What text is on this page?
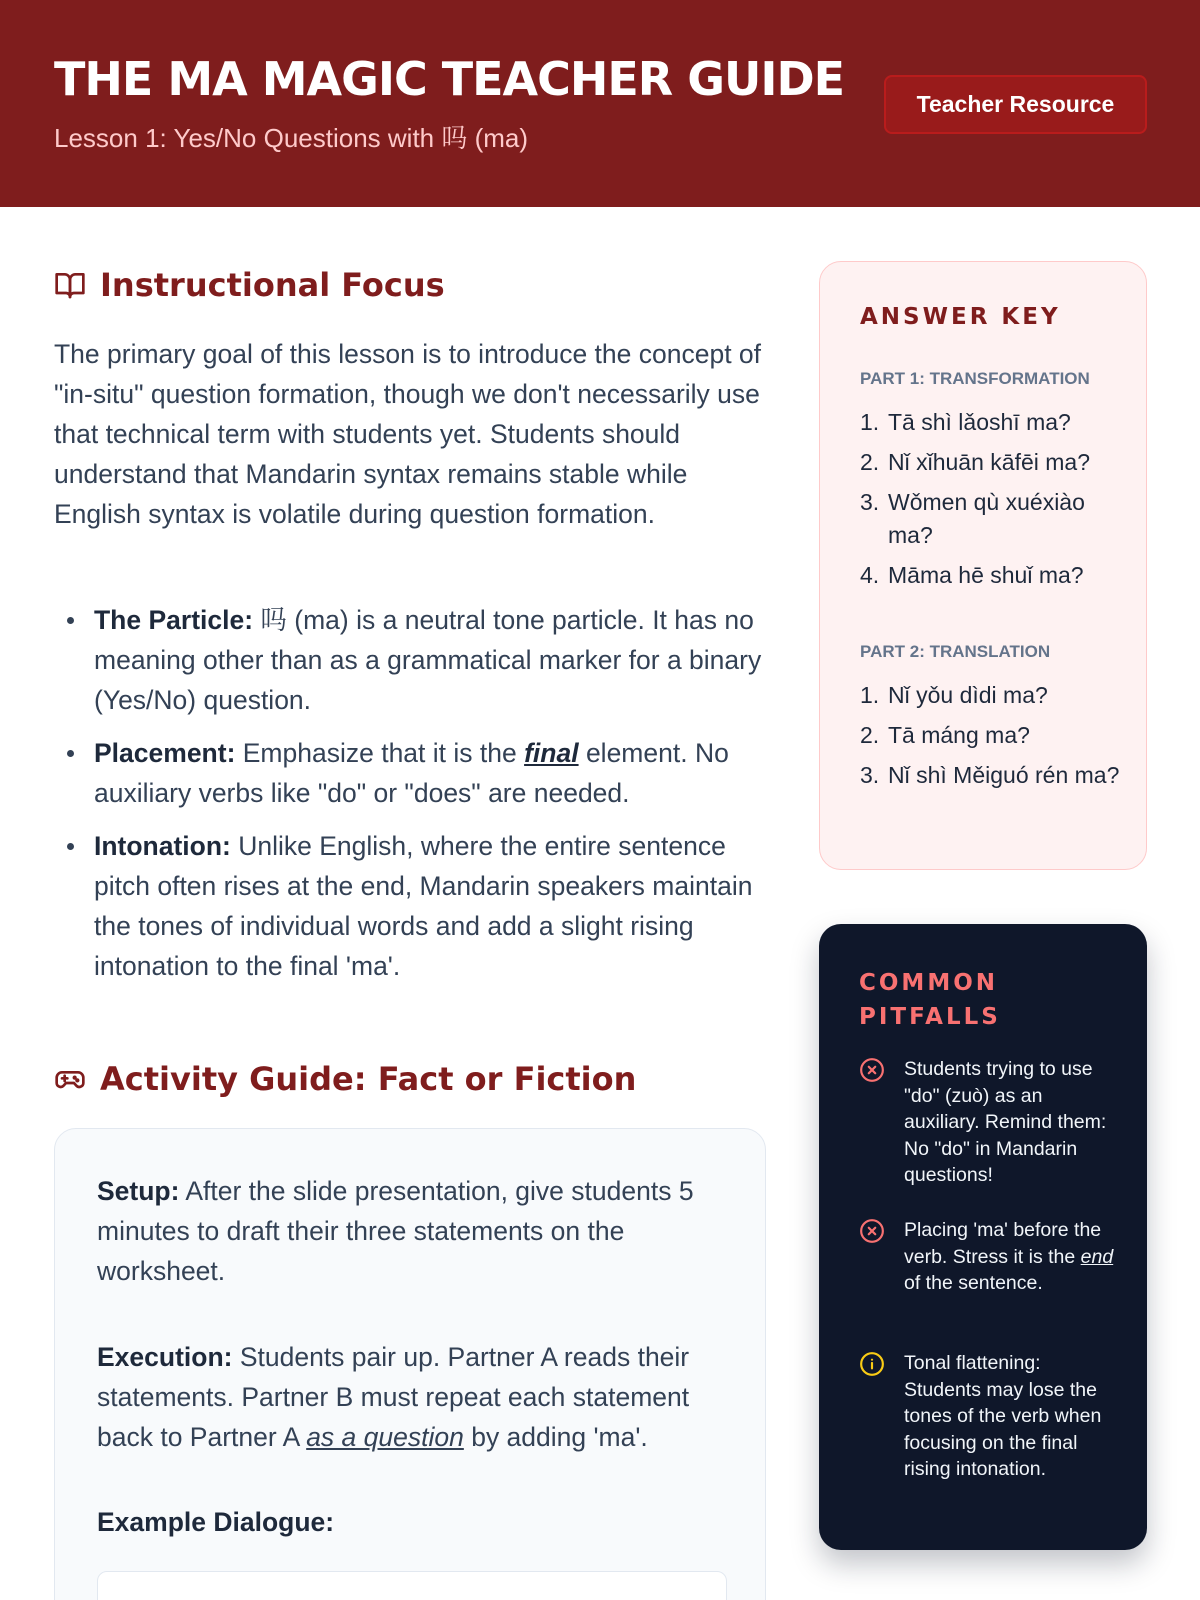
THE MA MAGIC TEACHER GUIDE
Lesson 1: Yes/No Questions with 吗 (ma)
Teacher Resource
Instructional Focus

The primary goal of this lesson is to introduce the concept of "in-situ" question formation, though we don't necessarily use that technical term with students yet. Students should understand that Mandarin syntax remains stable while English syntax is volatile during question formation.

The Particle: 吗 (ma) is a neutral tone particle. It has no meaning other than as a grammatical marker for a binary (Yes/No) question.
Placement: Emphasize that it is the final element. No auxiliary verbs like "do" or "does" are needed.
Intonation: Unlike English, where the entire sentence pitch often rises at the end, Mandarin speakers maintain the tones of individual words and add a slight rising intonation to the final 'ma'.
Activity Guide: Fact or Fiction

Setup: After the slide presentation, give students 5 minutes to draft their three statements on the worksheet.

Execution: Students pair up. Partner A reads their statements. Partner B must repeat each statement back to Partner A as a question by adding 'ma'.

Example Dialogue:

ANSWER KEY
PART 1: TRANSFORMATION
1. Tā shì lǎoshī ma?
2. Nǐ xǐhuān kāfēi ma?
3. Wǒmen qù xuéxiào ma?
4. Māma hē shuǐ ma?
PART 2: TRANSLATION
1. Nǐ yǒu dìdi ma?
2. Tā máng ma?
3. Nǐ shì Měiguó rén ma?
COMMON PITFALLS
Students trying to use "do" (zuò) as an auxiliary. Remind them: No "do" in Mandarin questions!
Placing 'ma' before the verb. Stress it is the end of the sentence.
Tonal flattening: Students may lose the tones of the verb when focusing on the final rising intonation.
